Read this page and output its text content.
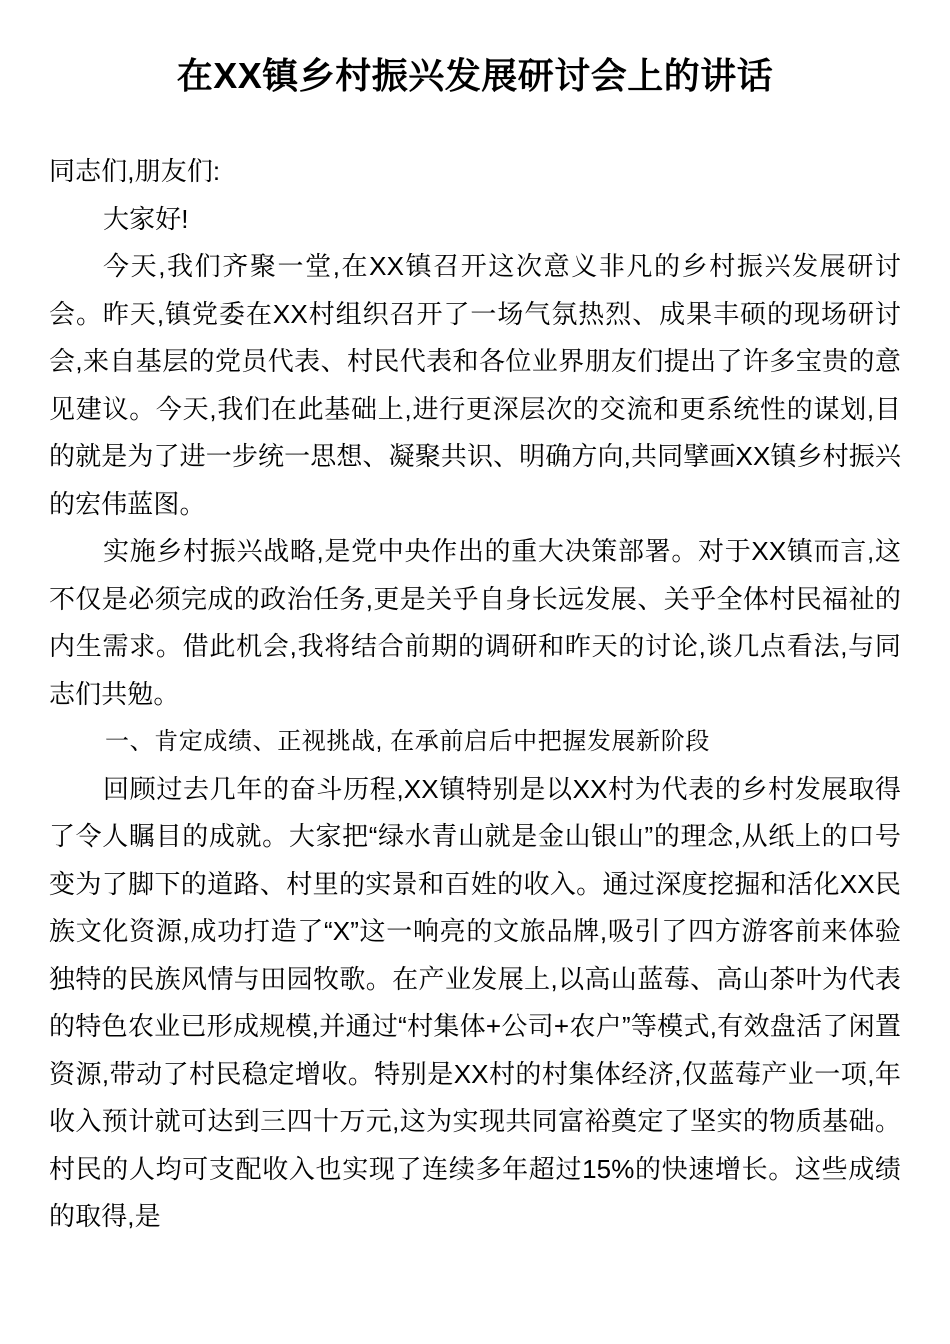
在XX镇乡村振兴发展研讨会上的讲话

同志们,朋友们:

大家好!

今天,我们齐聚一堂,在XX镇召开这次意义非凡的乡村振兴发展研讨会。昨天,镇党委在XX村组织召开了一场气氛热烈、成果丰硕的现场研讨会,来自基层的党员代表、村民代表和各位业界朋友们提出了许多宝贵的意见建议。今天,我们在此基础上,进行更深层次的交流和更系统性的谋划,目的就是为了进一步统一思想、凝聚共识、明确方向,共同擘画XX镇乡村振兴的宏伟蓝图。

实施乡村振兴战略,是党中央作出的重大决策部署。对于XX镇而言,这不仅是必须完成的政治任务,更是关乎自身长远发展、关乎全体村民福祉的内生需求。借此机会,我将结合前期的调研和昨天的讨论,谈几点看法,与同志们共勉。

一、肯定成绩、正视挑战, 在承前启后中把握发展新阶段

回顾过去几年的奋斗历程,XX镇特别是以XX村为代表的乡村发展取得了令人瞩目的成就。大家把“绿水青山就是金山银山”的理念,从纸上的口号变为了脚下的道路、村里的实景和百姓的收入。通过深度挖掘和活化XX民族文化资源,成功打造了“X”这一响亮的文旅品牌,吸引了四方游客前来体验独特的民族风情与田园牧歌。在产业发展上,以高山蓝莓、高山茶叶为代表的特色农业已形成规模,并通过“村集体+公司+农户”等模式,有效盘活了闲置资源,带动了村民稳定增收。特别是XX村的村集体经济,仅蓝莓产业一项,年收入预计就可达到三四十万元,这为实现共同富裕奠定了坚实的物质基础。村民的人均可支配收入也实现了连续多年超过15%的快速增长。这些成绩的取得,是
